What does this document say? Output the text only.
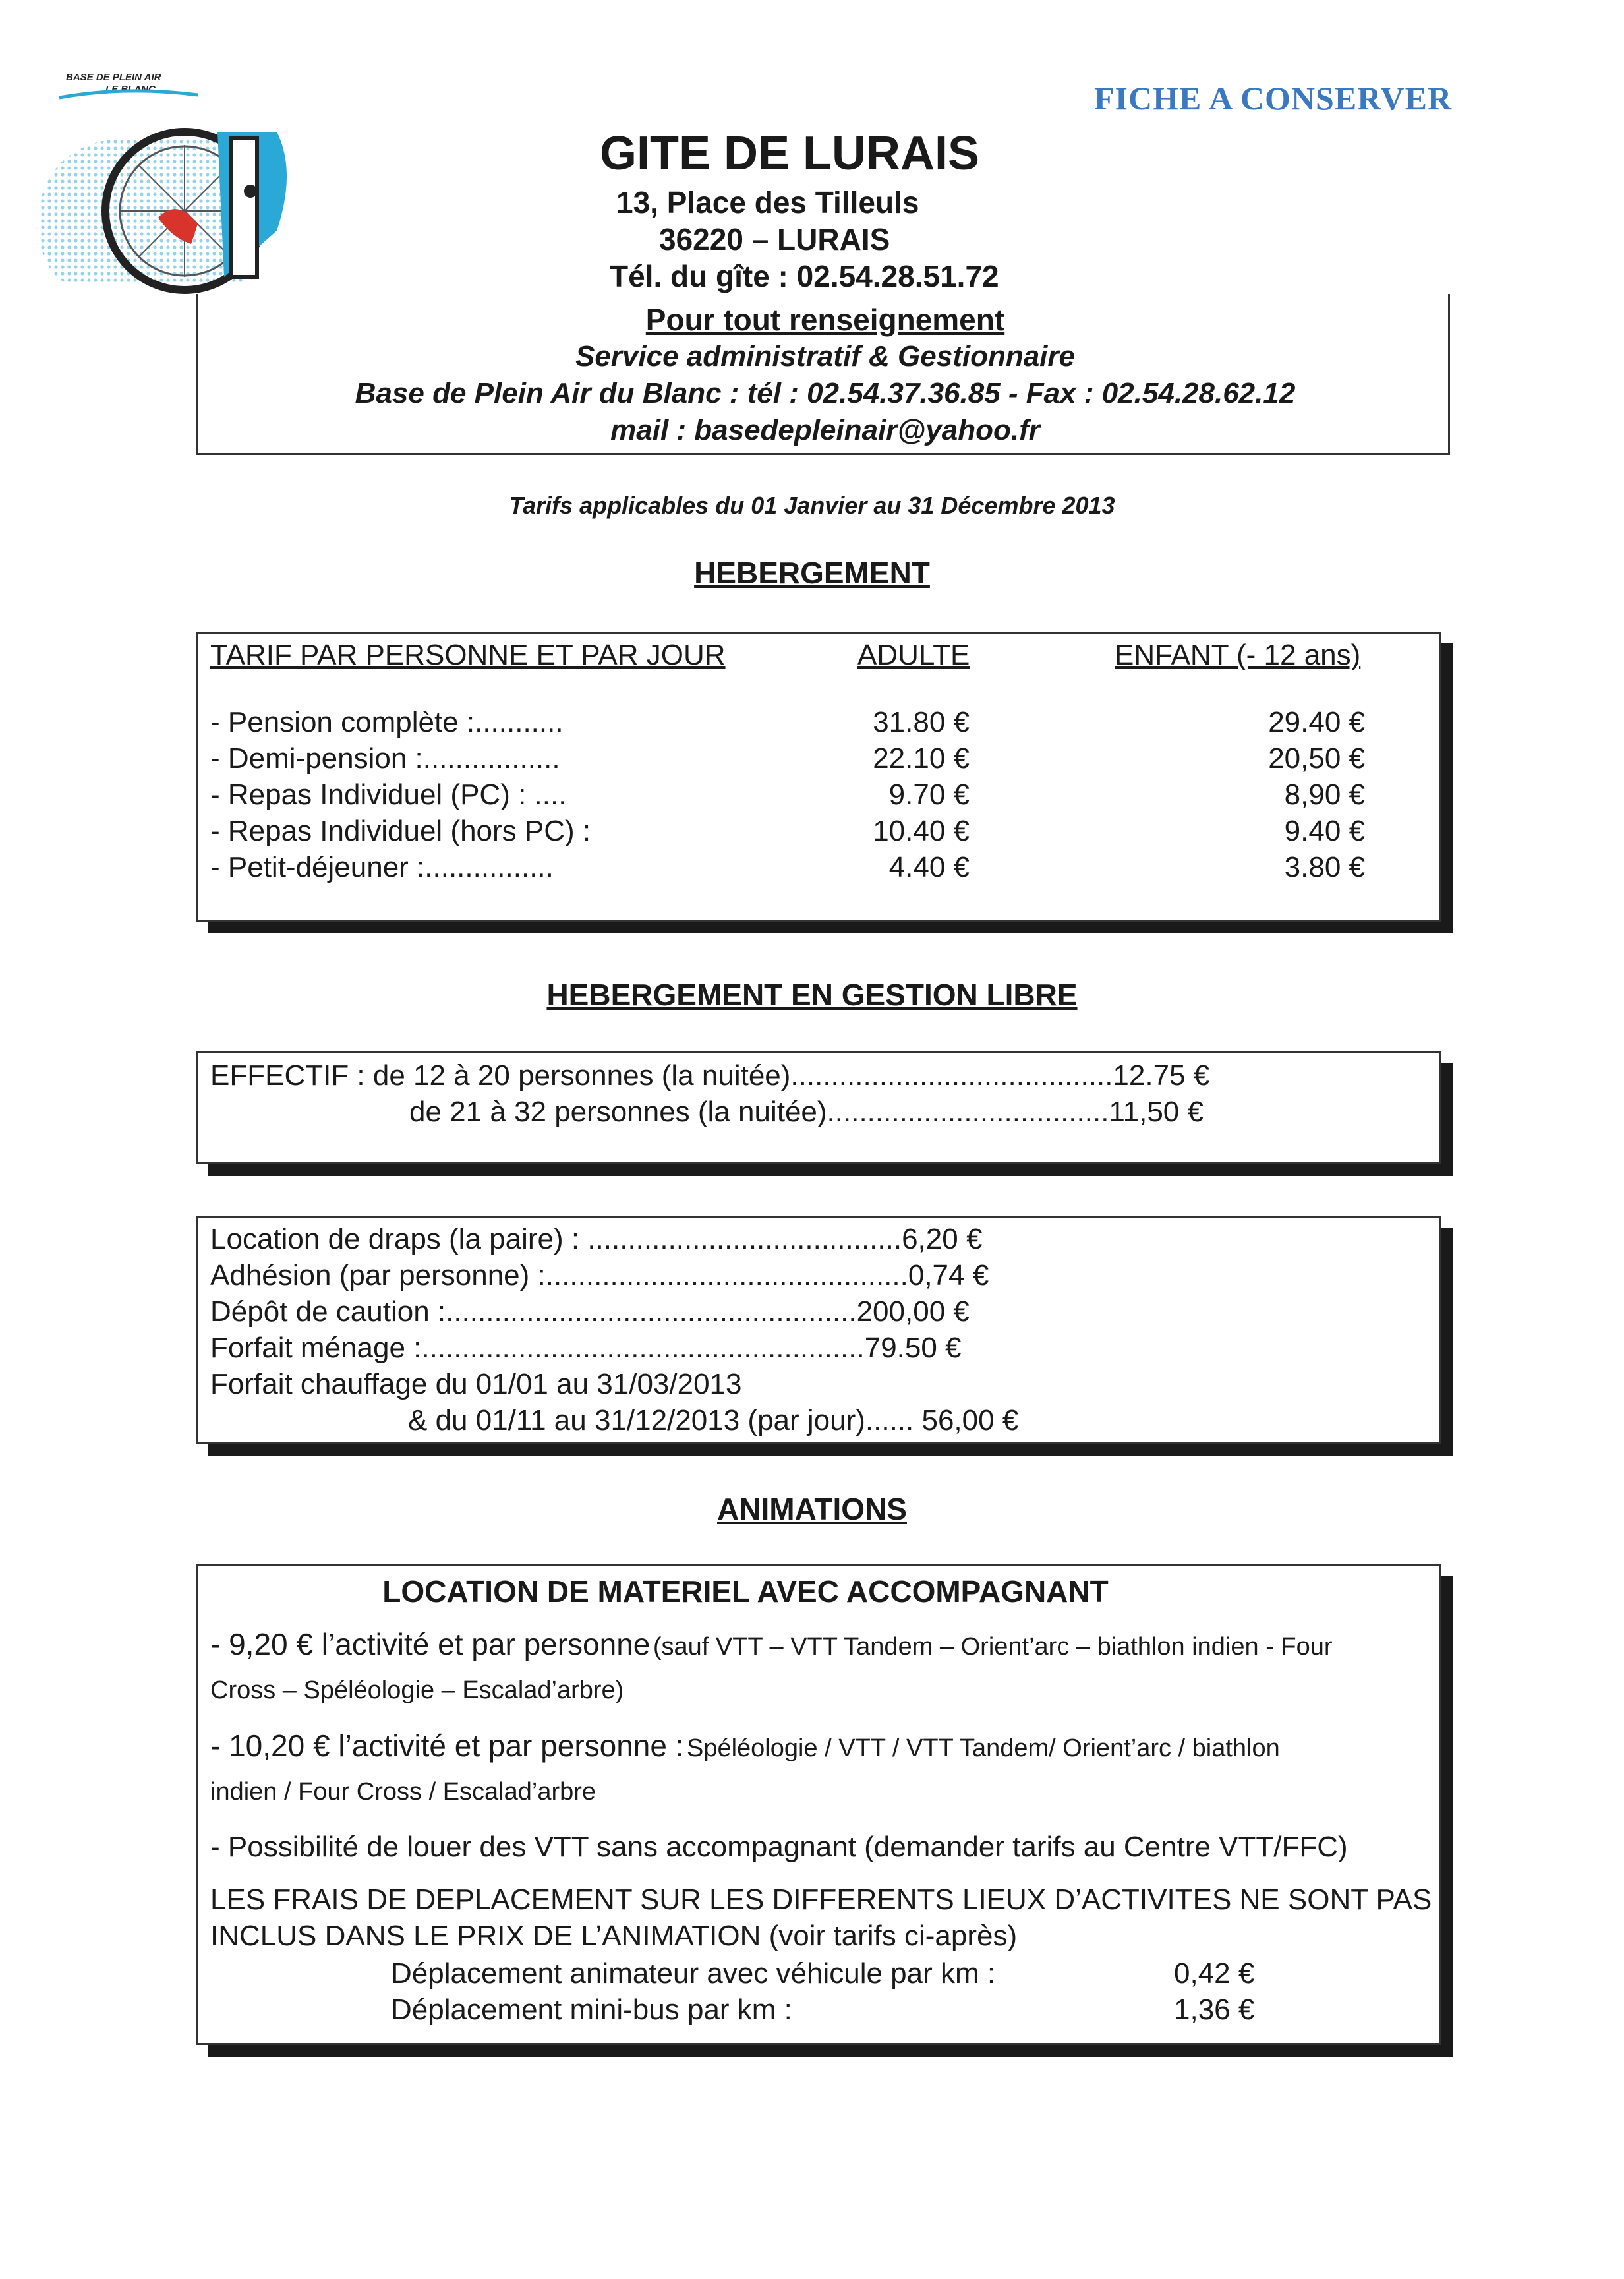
BASE DE PLEIN AIR
LE BLANC	FICHE A CONSERVER
GITE DE LURAIS
13, Place des Tilleuls
36220 – LURAIS
Tél. du gîte : 02.54.28.51.72
Pour tout renseignement
Service administratif & Gestionnaire
Base de Plein Air du Blanc : tél : 02.54.37.36.85 - Fax : 02.54.28.62.12
mail : basedepleinair@yahoo.fr
Tarifs applicables du 01 Janvier au 31 Décembre 2013
HEBERGEMENT
TARIF PAR PERSONNE ET PAR JOUR	ADULTE	ENFANT (- 12 ans)
- Pension complète :...........	31.80 €	29.40 €
- Demi-pension :.................	22.10 €	20,50 €
- Repas Individuel (PC) : ....	9.70 €	8,90 €
- Repas Individuel (hors PC) :	10.40 €	9.40 €
- Petit-déjeuner :................	4.40 €	3.80 €
HEBERGEMENT EN GESTION LIBRE
EFFECTIF : de 12 à 20 personnes (la nuitée)........................................12.75 €
de 21 à 32 personnes (la nuitée)...................................11,50 €
Location de draps (la paire) : .......................................6,20 €
Adhésion (par personne) :.............................................0,74 €
Dépôt de caution :...................................................200,00 €
Forfait ménage :.......................................................79.50 €
Forfait chauffage du 01/01 au 31/03/2013
& du 01/11 au 31/12/2013 (par jour)...... 56,00 €
ANIMATIONS
LOCATION DE MATERIEL AVEC ACCOMPAGNANT
- 9,20 € l’activité et par personne (sauf VTT – VTT Tandem – Orient’arc – biathlon indien - Four
Cross – Spéléologie – Escalad’arbre)
- 10,20 € l’activité et par personne : Spéléologie / VTT / VTT Tandem/ Orient’arc / biathlon
indien / Four Cross / Escalad’arbre
- Possibilité de louer des VTT sans accompagnant (demander tarifs au Centre VTT/FFC)
LES FRAIS DE DEPLACEMENT SUR LES DIFFERENTS LIEUX D’ACTIVITES NE SONT PAS
INCLUS DANS LE PRIX DE L’ANIMATION (voir tarifs ci-après)
Déplacement animateur avec véhicule par km :	0,42 €
Déplacement mini-bus par km :	1,36 €
